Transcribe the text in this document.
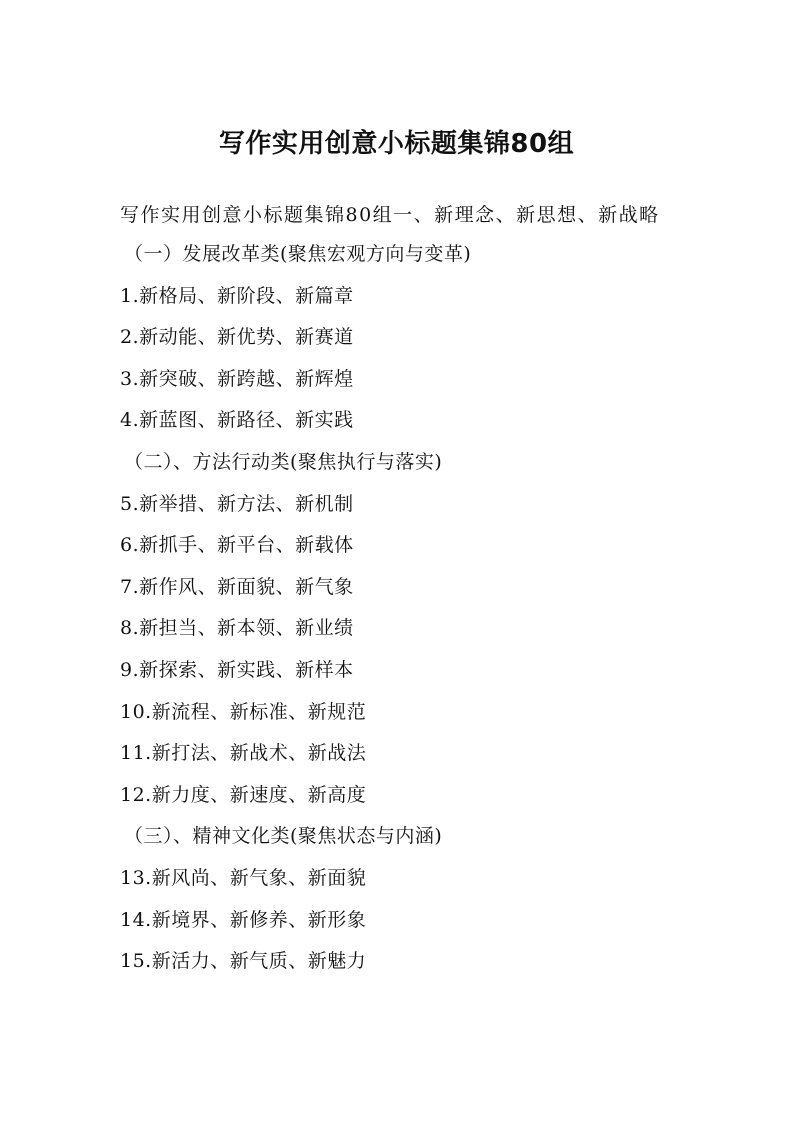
写作实用创意小标题集锦80组

写作实用创意小标题集锦80组一、新理念、新思想、新战略

（一）发展改革类(聚焦宏观方向与变革)
1.新格局、新阶段、新篇章
2.新动能、新优势、新赛道
3.新突破、新跨越、新辉煌
4.新蓝图、新路径、新实践
（二）、方法行动类(聚焦执行与落实)
5.新举措、新方法、新机制
6.新抓手、新平台、新载体
7.新作风、新面貌、新气象
8.新担当、新本领、新业绩
9.新探索、新实践、新样本
10.新流程、新标准、新规范
11.新打法、新战术、新战法
12.新力度、新速度、新高度
（三）、精神文化类(聚焦状态与内涵)
13.新风尚、新气象、新面貌
14.新境界、新修养、新形象
15.新活力、新气质、新魅力
